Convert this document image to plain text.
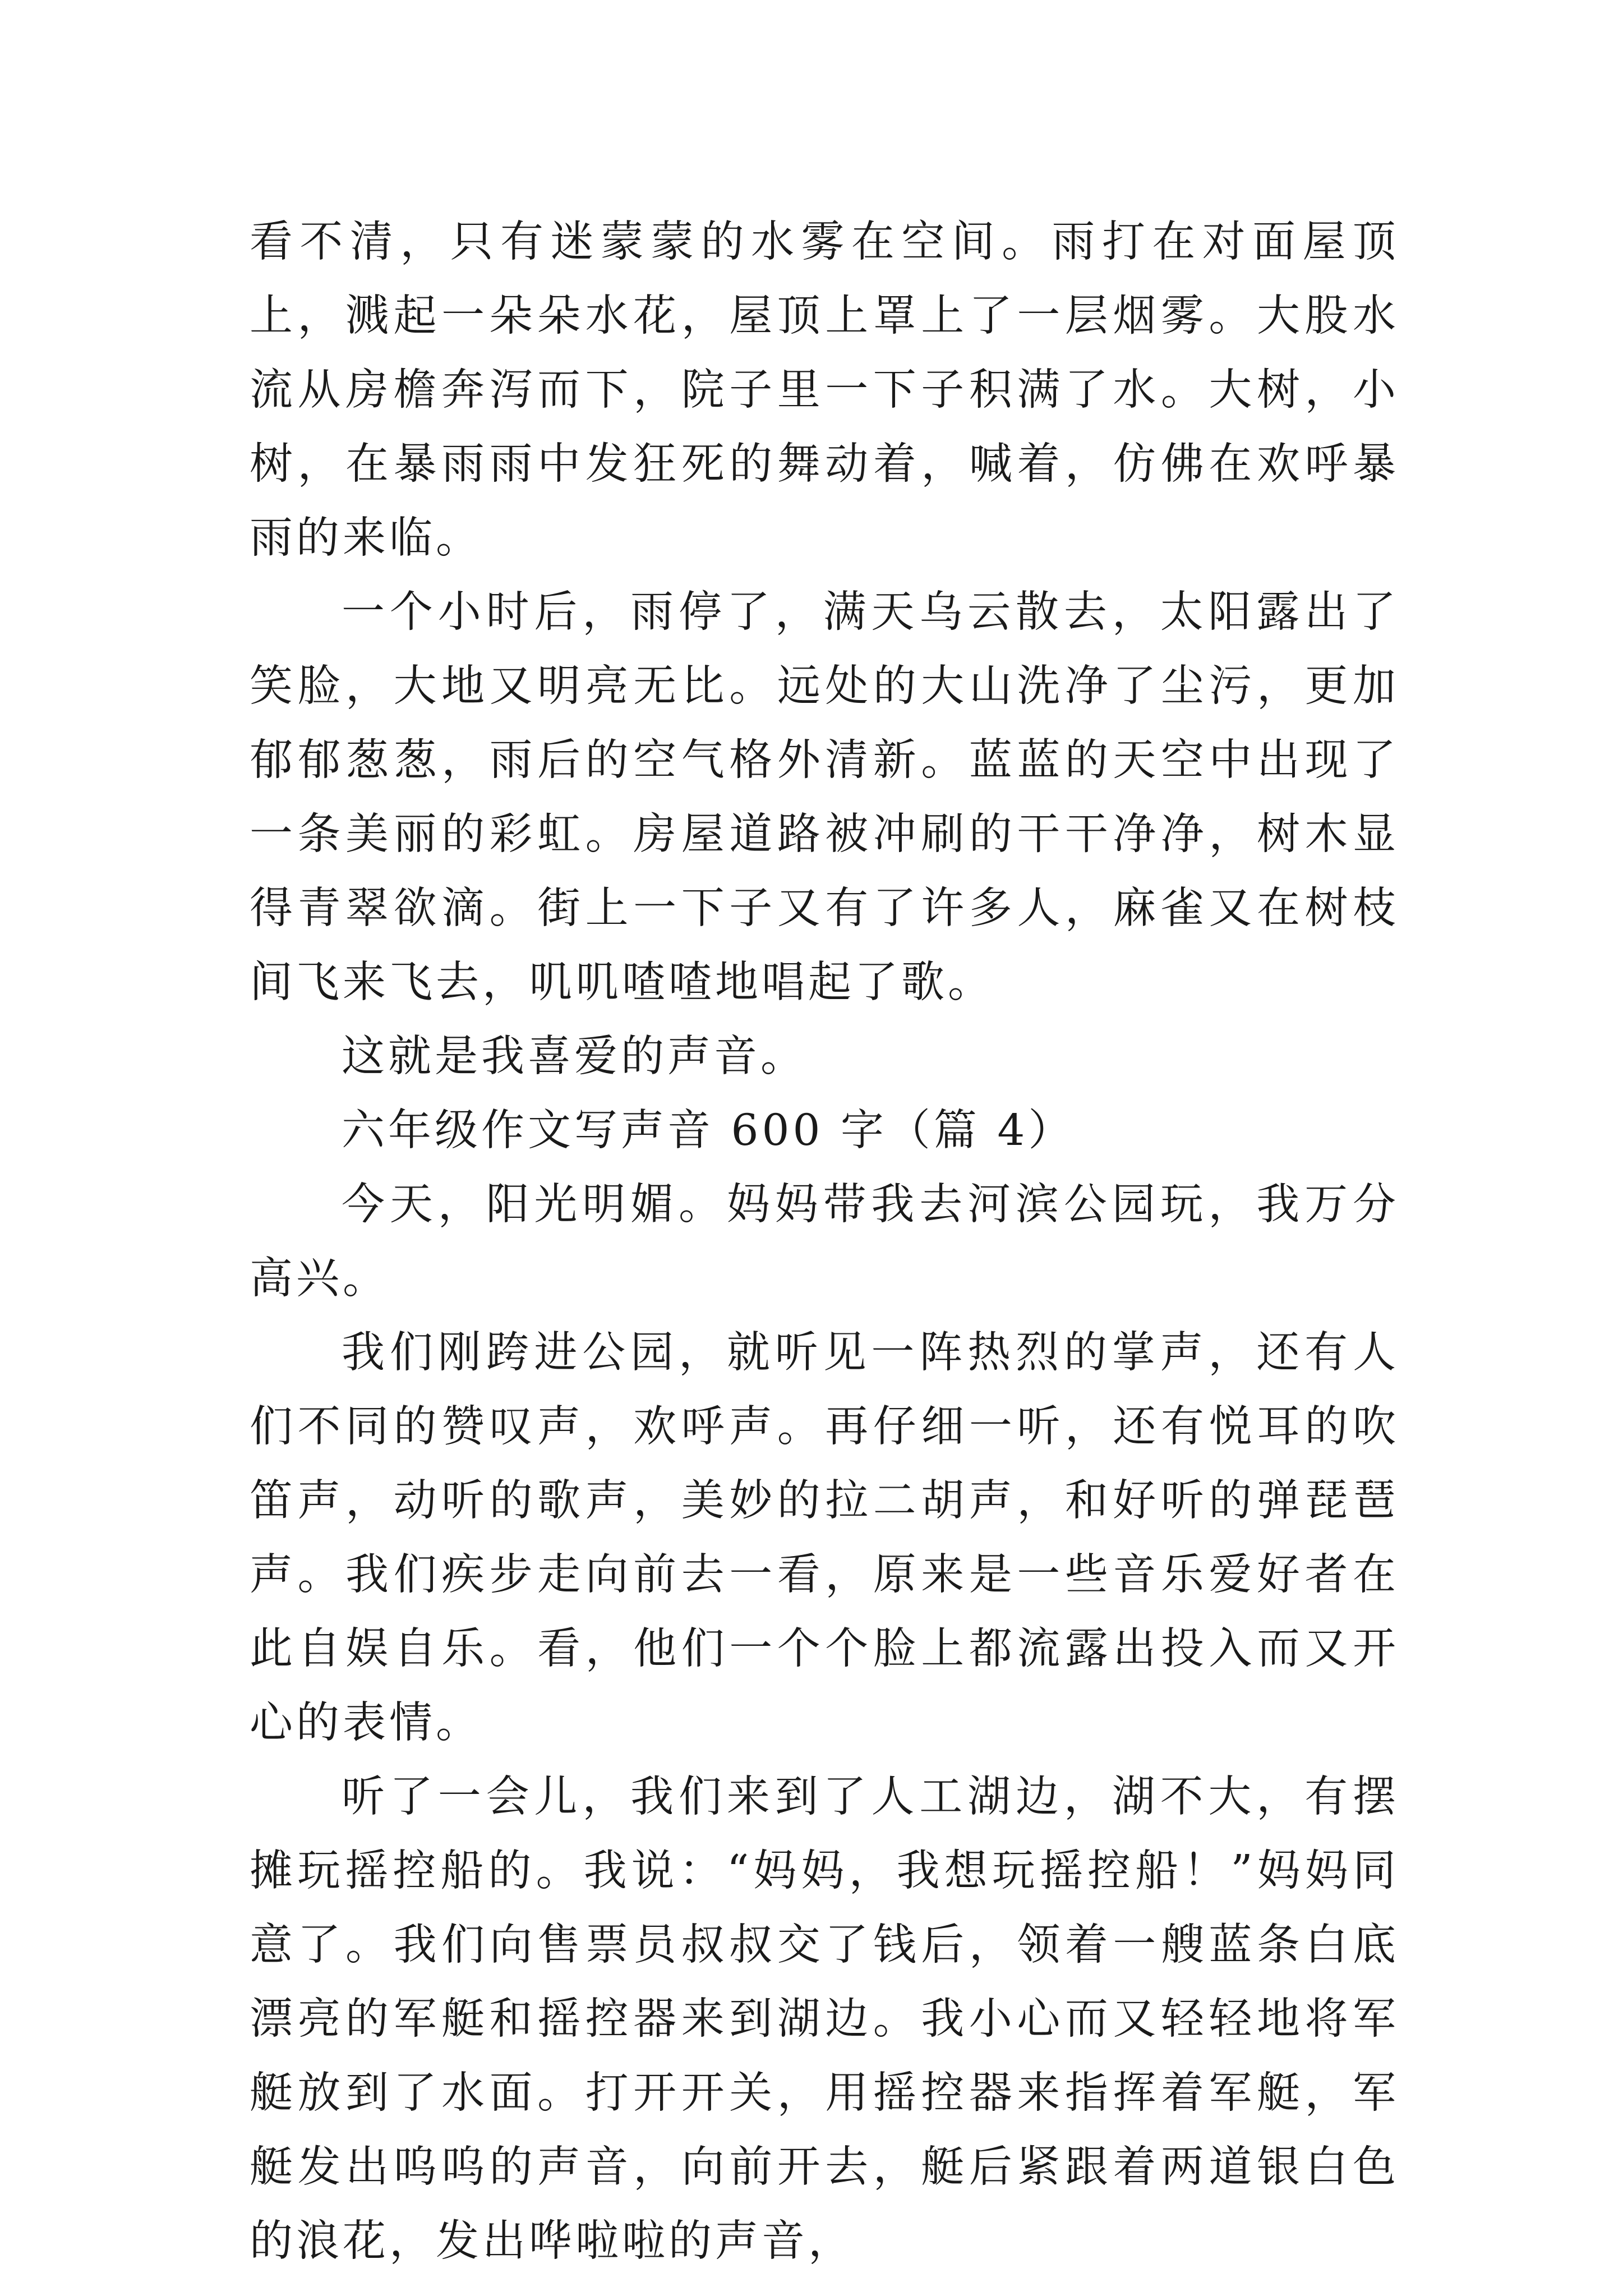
看不清，只有迷蒙蒙的水雾在空间。雨打在对面屋顶上，溅起一朵朵水花，屋顶上罩上了一层烟雾。大股水流从房檐奔泻而下，院子里一下子积满了水。大树，小树，在暴雨雨中发狂死的舞动着，喊着，仿佛在欢呼暴雨的来临。

一个小时后，雨停了，满天乌云散去，太阳露出了笑脸，大地又明亮无比。远处的大山洗净了尘污，更加郁郁葱葱，雨后的空气格外清新。蓝蓝的天空中出现了一条美丽的彩虹。房屋道路被冲刷的干干净净，树木显得青翠欲滴。街上一下子又有了许多人，麻雀又在树枝间飞来飞去，叽叽喳喳地唱起了歌。

这就是我喜爱的声音。

六年级作文写声音 600 字（篇 4）

今天，阳光明媚。妈妈带我去河滨公园玩，我万分高兴。

我们刚跨进公园，就听见一阵热烈的掌声，还有人们不同的赞叹声，欢呼声。再仔细一听，还有悦耳的吹笛声，动听的歌声，美妙的拉二胡声，和好听的弹琵琶声。我们疾步走向前去一看，原来是一些音乐爱好者在此自娱自乐。看，他们一个个脸上都流露出投入而又开心的表情。

听了一会儿，我们来到了人工湖边，湖不大，有摆摊玩摇控船的。我说：“妈妈，我想玩摇控船！”妈妈同意了。我们向售票员叔叔交了钱后，领着一艘蓝条白底漂亮的军艇和摇控器来到湖边。我小心而又轻轻地将军艇放到了水面。打开开关，用摇控器来指挥着军艇，军艇发出呜呜的声音，向前开去，艇后紧跟着两道银白色的浪花，发出哗啦啦的声音，
